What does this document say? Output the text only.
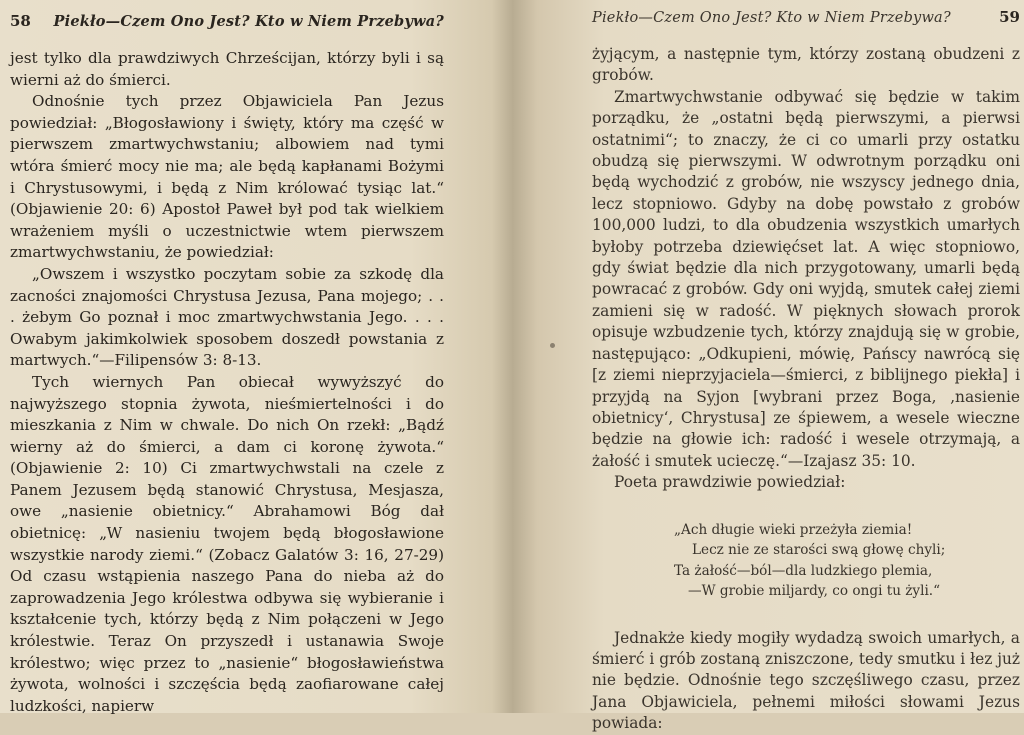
58 Piekło—Czem Ono Jest? Kto w Niem Przebywa?

jest tylko dla prawdziwych Chrześcijan, którzy byli i są wierni aż do śmierci.

Odnośnie tych przez Objawiciela Pan Jezus powiedział: „Błogosławiony i święty, który ma część w pierwszem zmartwychwstaniu; albowiem nad tymi wtóra śmierć mocy nie ma; ale będą kapłanami Bożymi i Chrystusowymi, i będą z Nim królować tysiąc lat.“ (Objawienie 20: 6) Apostoł Paweł był pod tak wielkiem wrażeniem myśli o uczestnictwie wtem pierwszem zmartwychwstaniu, że powiedział:

„Owszem i wszystko poczytam sobie za szkodę dla zacności znajomości Chrystusa Jezusa, Pana mojego; . . . żebym Go poznał i moc zmartwychwstania Jego. . . . Owabym jakimkolwiek sposobem doszedł powstania z martwych.“—Filipensów 3: 8-13.

Tych wiernych Pan obiecał wywyższyć do najwyższego stopnia żywota, nieśmiertelności i do mieszkania z Nim w chwale. Do nich On rzekł: „Bądź wierny aż do śmierci, a dam ci koronę żywota.“ (Objawienie 2: 10) Ci zmartwychwstali na czele z Panem Jezusem będą stanowić Chrystusa, Mesjasza, owe „nasienie obietnicy.“ Abrahamowi Bóg dał obietnicę: „W nasieniu twojem będą błogosławione wszystkie narody ziemi.“ (Zobacz Galatów 3: 16, 27-29) Od czasu wstąpienia naszego Pana do nieba aż do zaprowadzenia Jego królestwa odbywa się wybieranie i kształcenie tych, którzy będą z Nim połączeni w Jego królestwie. Teraz On przyszedł i ustanawia Swoje królestwo; więc przez to „nasienie“ błogosławieństwa żywota, wolności i szczęścia będą zaofiarowane całej ludzkości, napierw

Piekło—Czem Ono Jest? Kto w Niem Przebywa?	59

żyjącym, a następnie tym, którzy zostaną obudzeni z grobów.

Zmartwychwstanie odbywać się będzie w takim porządku, że „ostatni będą pierwszymi, a pierwsi ostatnimi“; to znaczy, że ci co umarli przy ostatku obudzą się pierwszymi. W odwrotnym porządku oni będą wychodzić z grobów, nie wszyscy jednego dnia, lecz stopniowo. Gdyby na dobę powstało z grobów 100,000 ludzi, to dla obudzenia wszystkich umarłych byłoby potrzeba dziewięćset lat. A więc stopniowo, gdy świat będzie dla nich przygotowany, umarli będą powracać z grobów. Gdy oni wyjdą, smutek całej ziemi zamieni się w radość. W pięknych słowach prorok opisuje wzbudzenie tych, którzy znajdują się w grobie, następująco: „Odkupieni, mówię, Pańscy nawrócą się [z ziemi nieprzyjaciela—śmierci, z biblijnego piekła] i przyjdą na Syjon [wybrani przez Boga, ‚nasienie obietnicy‘, Chrystusa] ze śpiewem, a wesele wieczne będzie na głowie ich: radość i wesele otrzymają, a żałość i smutek ucieczę.“—Izajasz 35: 10.

Poeta prawdziwie powiedział:

„Ach długie wieki przeżyła ziemia!
Lecz nie ze starości swą głowę chyli;
Ta żałość—ból—dla ludzkiego plemia,
—W grobie miljardy, co ongi tu żyli.“

Jednakże kiedy mogiły wydadzą swoich umarłych, a śmierć i grób zostaną zniszczone, tedy smutku i łez już nie będzie. Odnośnie tego szczęśliwego czasu, przez Jana Objawiciela, pełnemi miłości słowami Jezus powiada:
